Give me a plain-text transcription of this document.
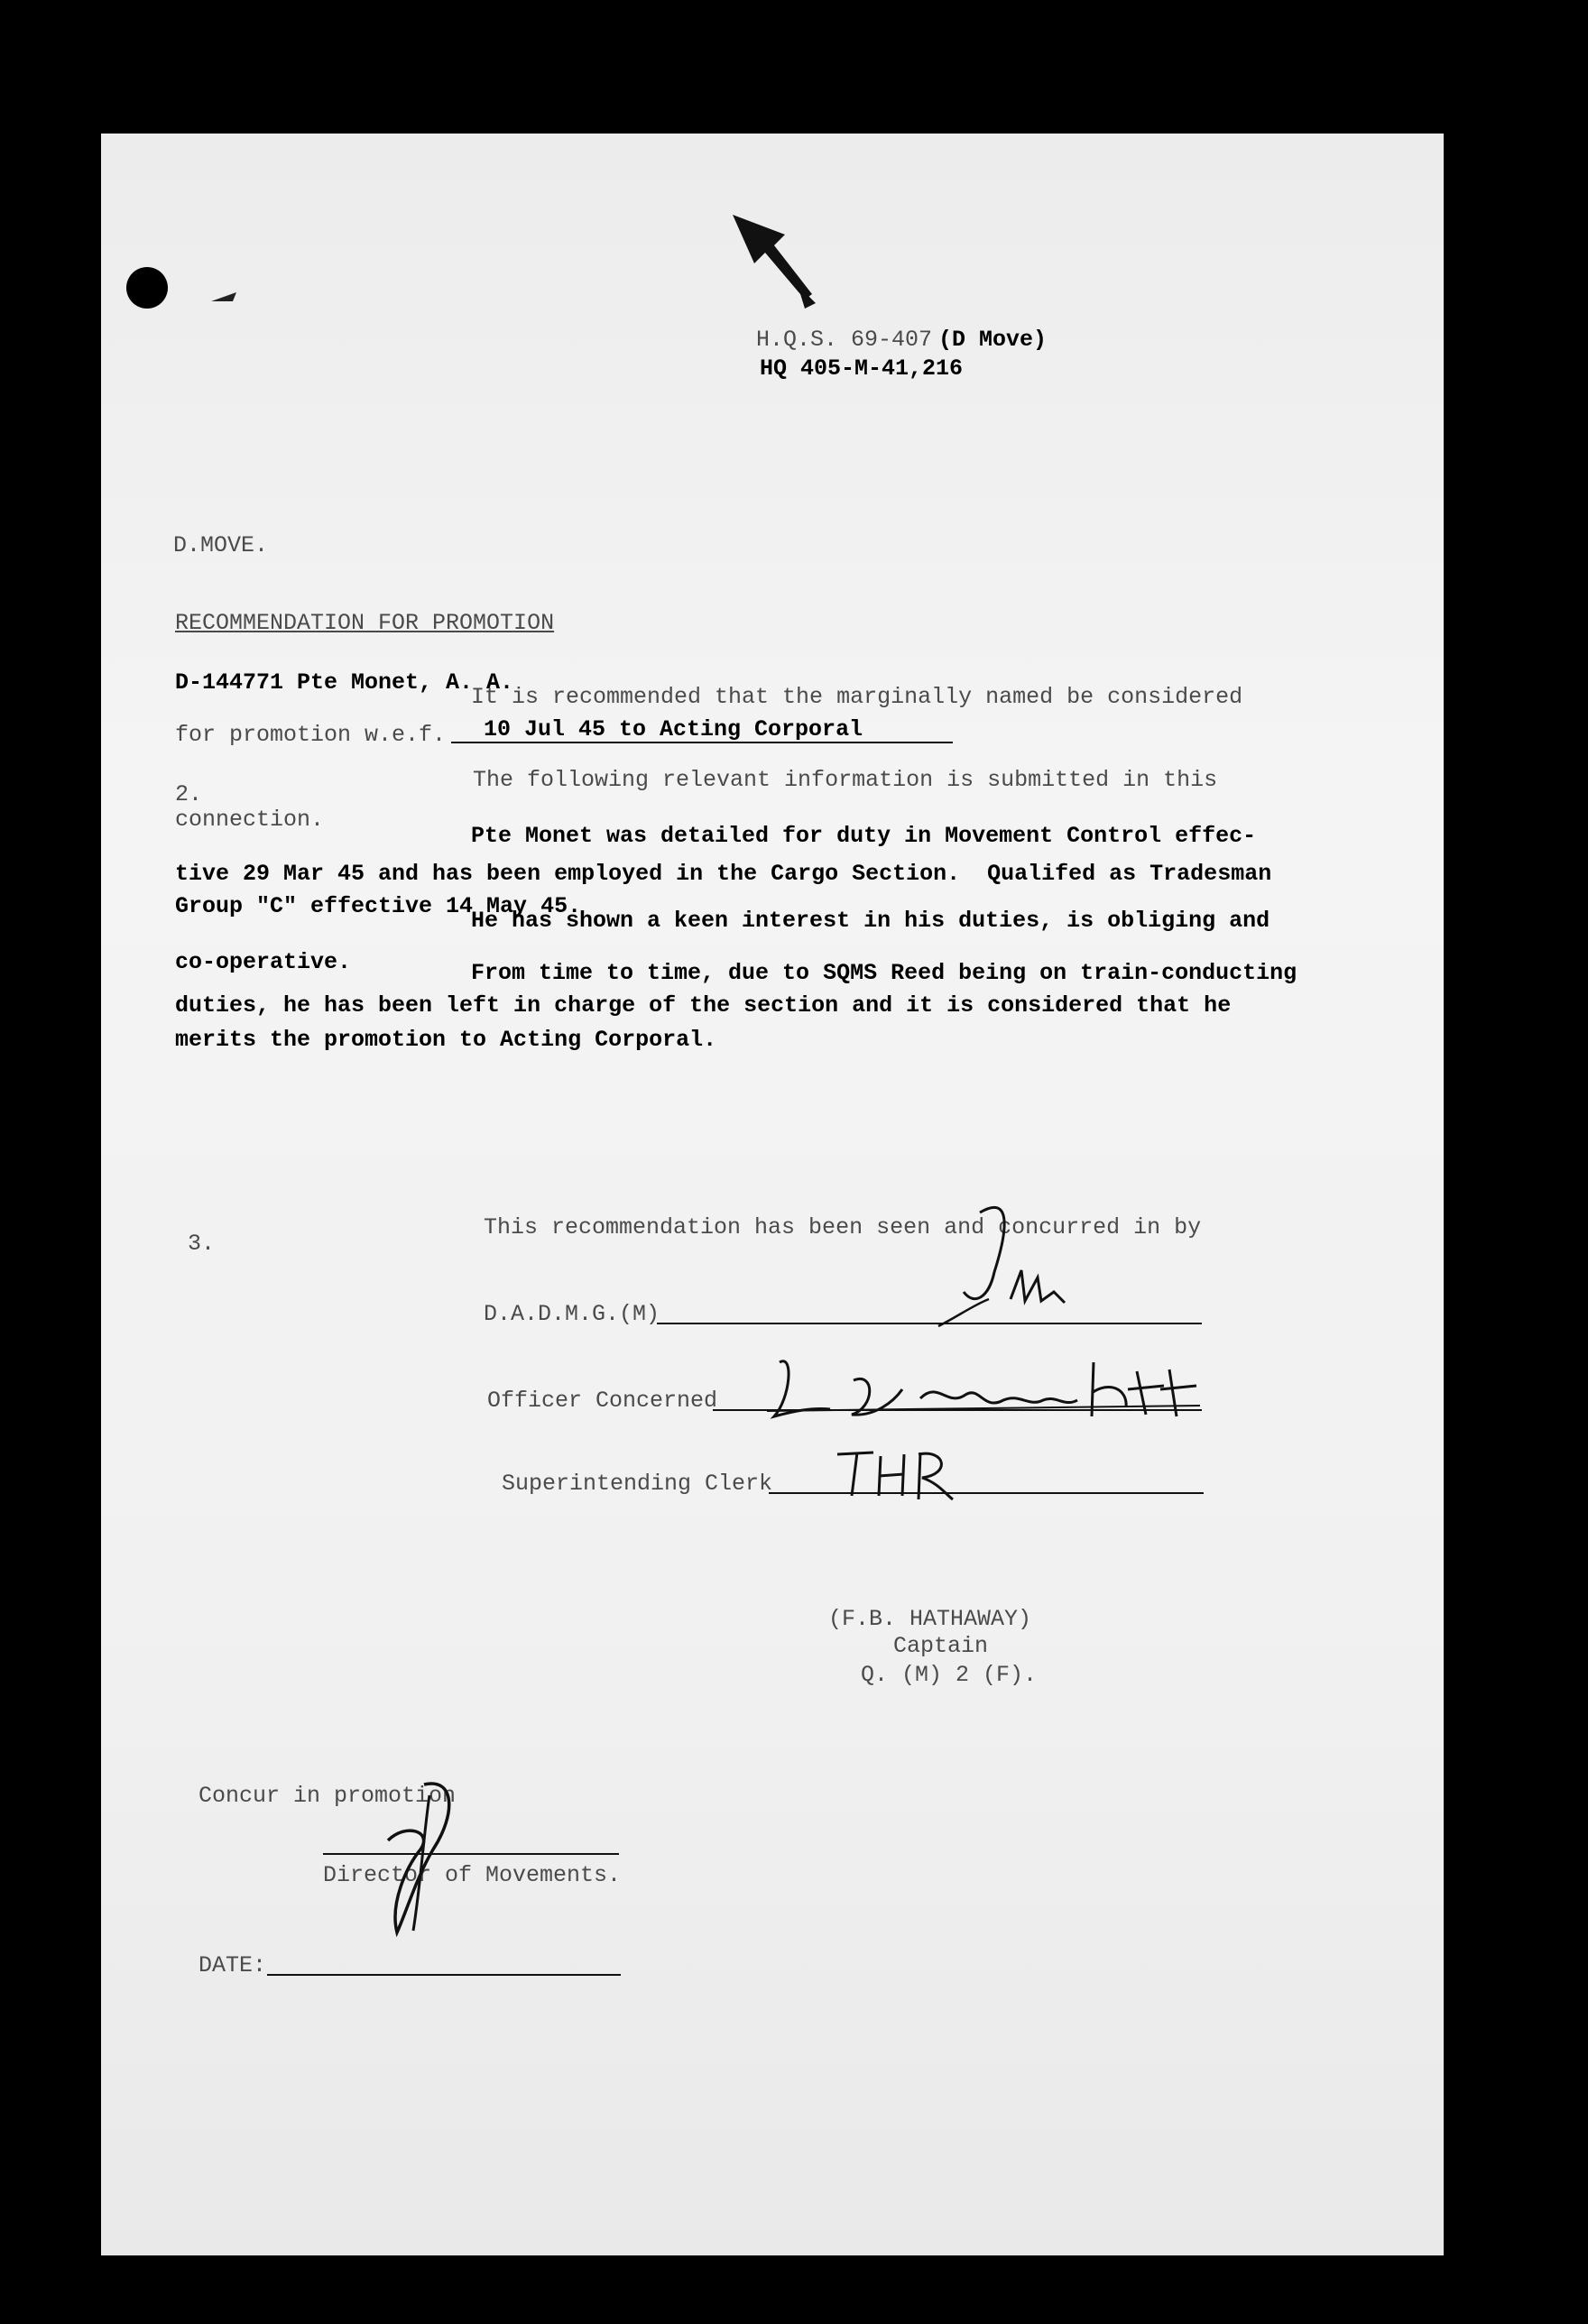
H.Q.S. 69-407 (D Move)
HQ 405-M-41,216
D.MOVE.
RECOMMENDATION FOR PROMOTION
D-144771 Pte Monet, A. A.
It is recommended that the marginally named be considered
for promotion w.e.f. 10 Jul 45 to Acting Corporal
2.
The following relevant information is submitted in this
connection.
Pte Monet was detailed for duty in Movement Control effec-
tive 29 Mar 45 and has been employed in the Cargo Section.  Qualifed as Tradesman
Group "C" effective 14 May 45.
He has shown a keen interest in his duties, is obliging and
co-operative.	From time to time, due to SQMS Reed being on train-conducting
duties, he has been left in charge of the section and it is considered that he
merits the promotion to Acting Corporal.
3.
This recommendation has been seen and concurred in by
D.A.D.M.G.(M)
Officer Concerned
Superintending Clerk
(F.B. HATHAWAY)
Captain
Q. (M) 2 (F).
Concur in promotion
Director of Movements.
DATE:
